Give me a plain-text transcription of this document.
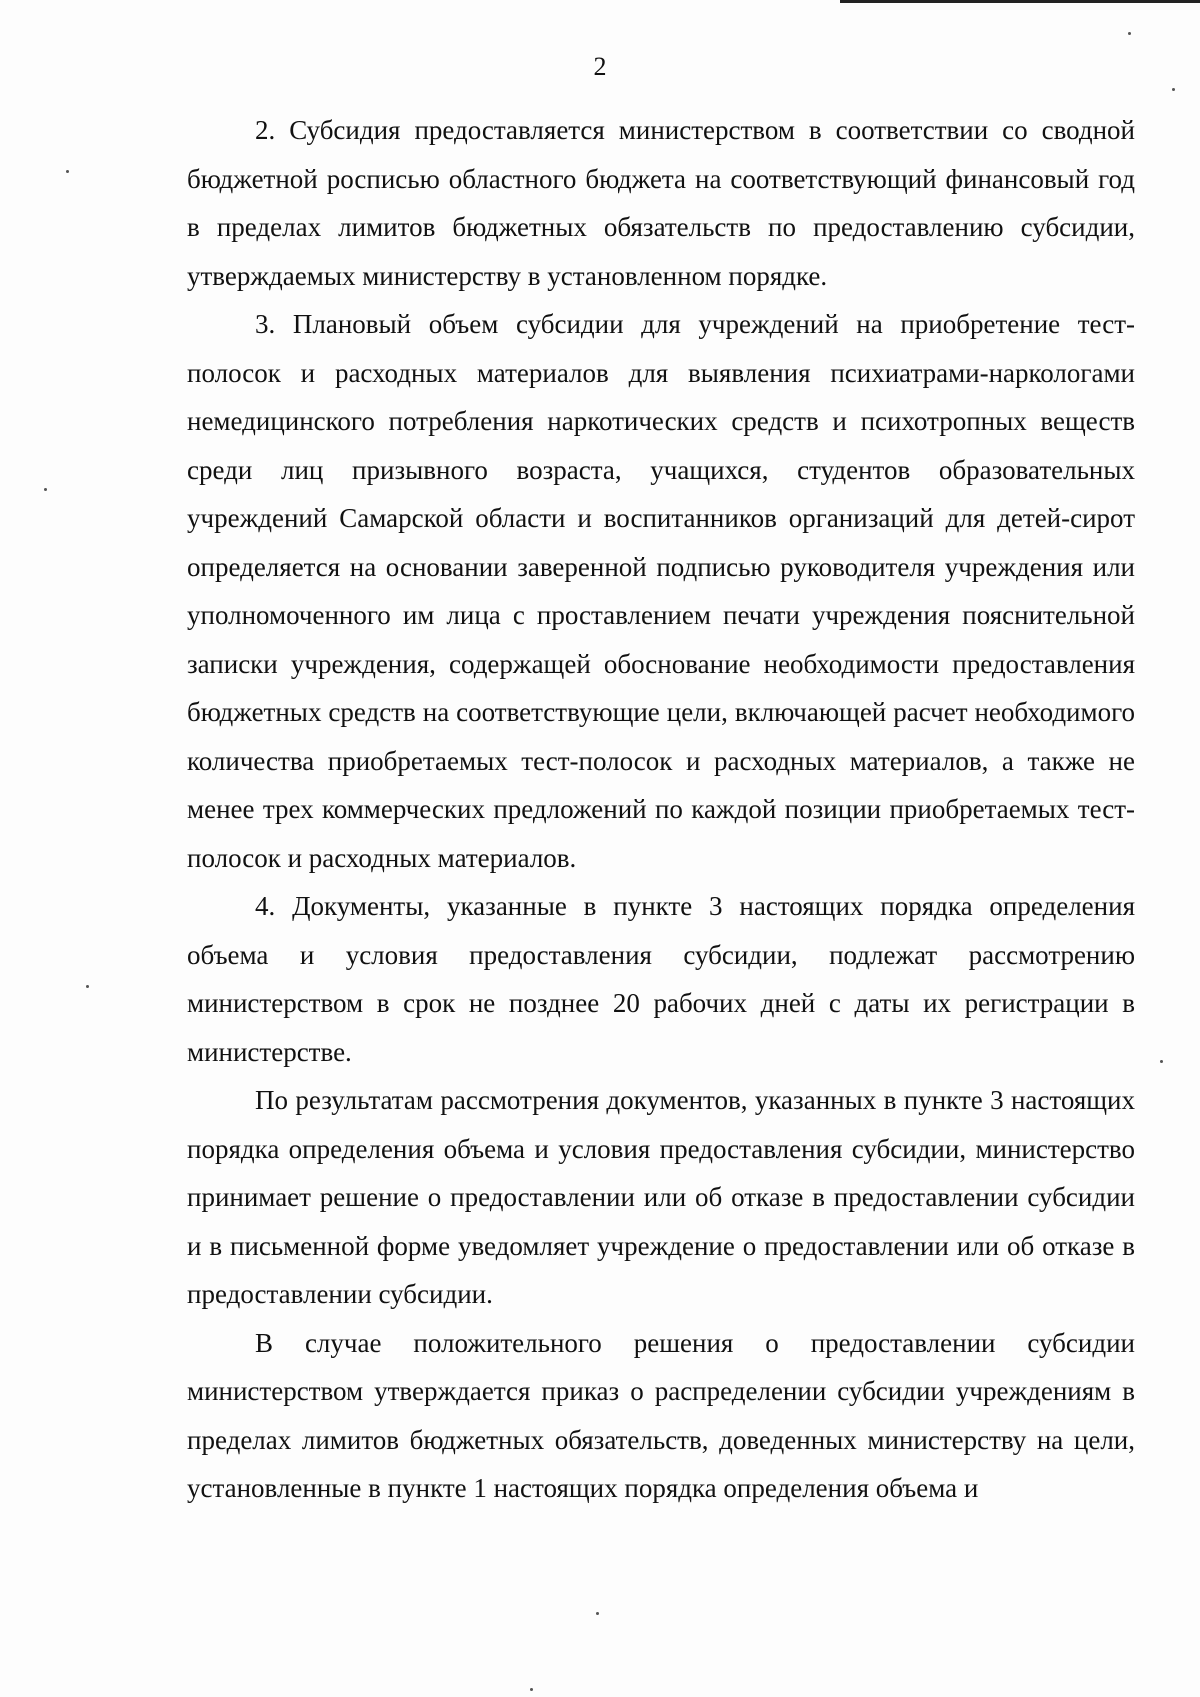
2

2. Субсидия предоставляется министерством в соответствии со сводной бюджетной росписью областного бюджета на соответствующий финансовый год в пределах лимитов бюджетных обязательств по предоставлению субсидии, утверждаемых министерству в установленном порядке.

3. Плановый объем субсидии для учреждений на приобретение тест-полосок и расходных материалов для выявления психиатрами-наркологами немедицинского потребления наркотических средств и психотропных веществ среди лиц призывного возраста, учащихся, студентов образовательных учреждений Самарской области и воспитанников организаций для детей-сирот определяется на основании заверенной подписью руководителя учреждения или уполномоченного им лица с проставлением печати учреждения пояснительной записки учреждения, содержащей обоснование необходимости предоставления бюджетных средств на соответствующие цели, включающей расчет необходимого количества приобретаемых тест-полосок и расходных материалов, а также не менее трех коммерческих предложений по каждой позиции приобретаемых тест-полосок и расходных материалов.

4. Документы, указанные в пункте 3 настоящих порядка определения объема и условия предоставления субсидии, подлежат рассмотрению министерством в срок не позднее 20 рабочих дней с даты их регистрации в министерстве.

По результатам рассмотрения документов, указанных в пункте 3 настоящих порядка определения объема и условия предоставления субсидии, министерство принимает решение о предоставлении или об отказе в предоставлении субсидии и в письменной форме уведомляет учреждение о предоставлении или об отказе в предоставлении субсидии.

В случае положительного решения о предоставлении субсидии министерством утверждается приказ о распределении субсидии учреждениям в пределах лимитов бюджетных обязательств, доведенных министерству на цели, установленные в пункте 1 настоящих порядка определения объема и
